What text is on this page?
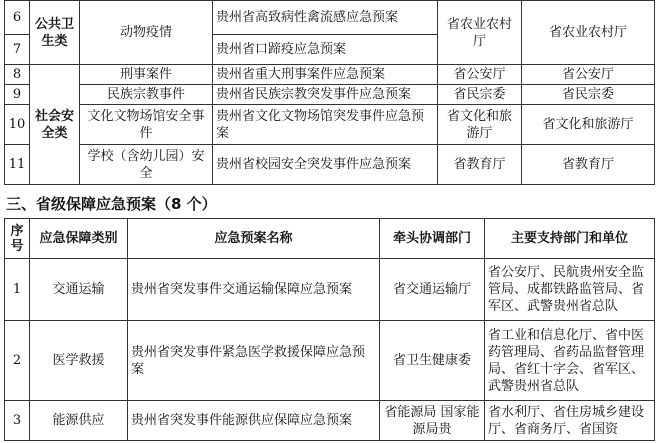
6	公共卫生类	动物疫情	贵州省高致病性禽流感应急预案	省农业农村厅	省农业农村厅
7			贵州省口蹄疫应急预案		
8	社会安全类	刑事案件	贵州省重大刑事案件应急预案	省公安厅	省公安厅
9		民族宗教事件	贵州省民族宗教突发事件应急预案	省民宗委	省民宗委
10		文化文物场馆安全事件	贵州省文化文物场馆突发事件应急预案	省文化和旅游厅	省文化和旅游厅
11		学校（含幼儿园）安全	贵州省校园安全突发事件应急预案	省教育厅	省教育厅
三、省级保障应急预案（8 个）
序号	应急保障类别	应急预案名称	牵头协调部门	主要支持部门和单位
1	交通运输	贵州省突发事件交通运输保障应急预案	省交通运输厅	省公安厅、民航贵州安全监管局、成都铁路监管局、省军区、武警贵州省总队
2	医学救援	贵州省突发事件紧急医学救援保障应急预案	省卫生健康委	省工业和信息化厅、省中医药管理局、省药品监督管理局、省红十字会、省军区、武警贵州省总队
3	能源供应	贵州省突发事件能源供应保障应急预案	省能源局 国家能源局贵	省水利厅、省住房城乡建设厅、省商务厅、省国资
